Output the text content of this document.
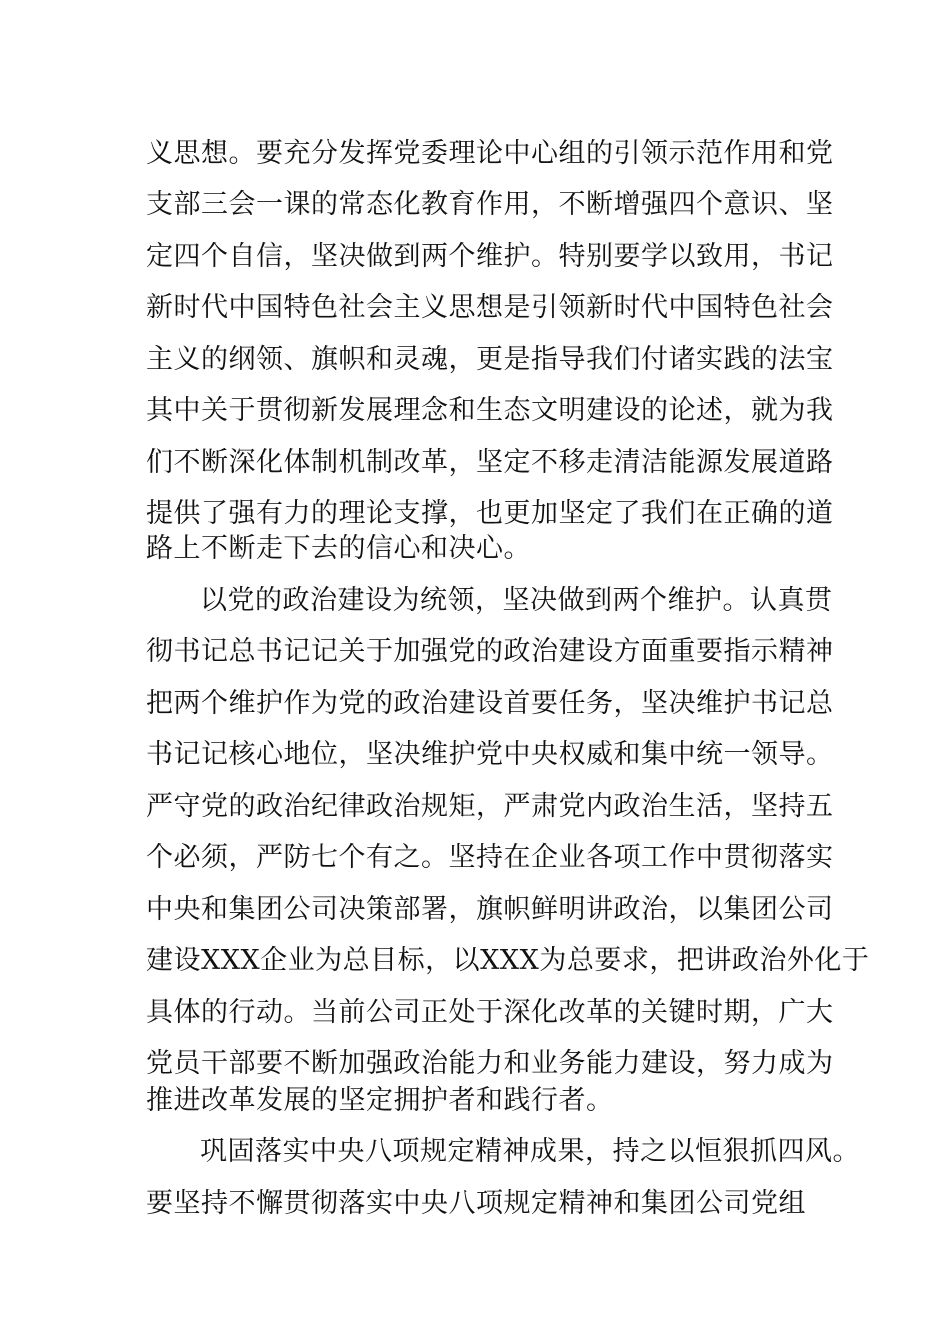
义思想。要充分发挥党委理论中心组的引领示范作用和党
支部三会一课的常态化教育作用，不断增强四个意识、坚
定四个自信，坚决做到两个维护。特别要学以致用，书记
新时代中国特色社会主义思想是引领新时代中国特色社会
主义的纲领、旗帜和灵魂，更是指导我们付诸实践的法宝
其中关于贯彻新发展理念和生态文明建设的论述，就为我
们不断深化体制机制改革，坚定不移走清洁能源发展道路
提供了强有力的理论支撑，也更加坚定了我们在正确的道
路上不断走下去的信心和决心。
以党的政治建设为统领，坚决做到两个维护。认真贯
彻书记总书记记关于加强党的政治建设方面重要指示精神
把两个维护作为党的政治建设首要任务，坚决维护书记总
书记记核心地位，坚决维护党中央权威和集中统一领导。
严守党的政治纪律政治规矩，严肃党内政治生活，坚持五
个必须，严防七个有之。坚持在企业各项工作中贯彻落实
中央和集团公司决策部署，旗帜鲜明讲政治，以集团公司
建设XXX企业为总目标，以XXX为总要求，把讲政治外化于
具体的行动。当前公司正处于深化改革的关键时期，广大
党员干部要不断加强政治能力和业务能力建设，努力成为
推进改革发展的坚定拥护者和践行者。
巩固落实中央八项规定精神成果，持之以恒狠抓四风。
要坚持不懈贯彻落实中央八项规定精神和集团公司党组
